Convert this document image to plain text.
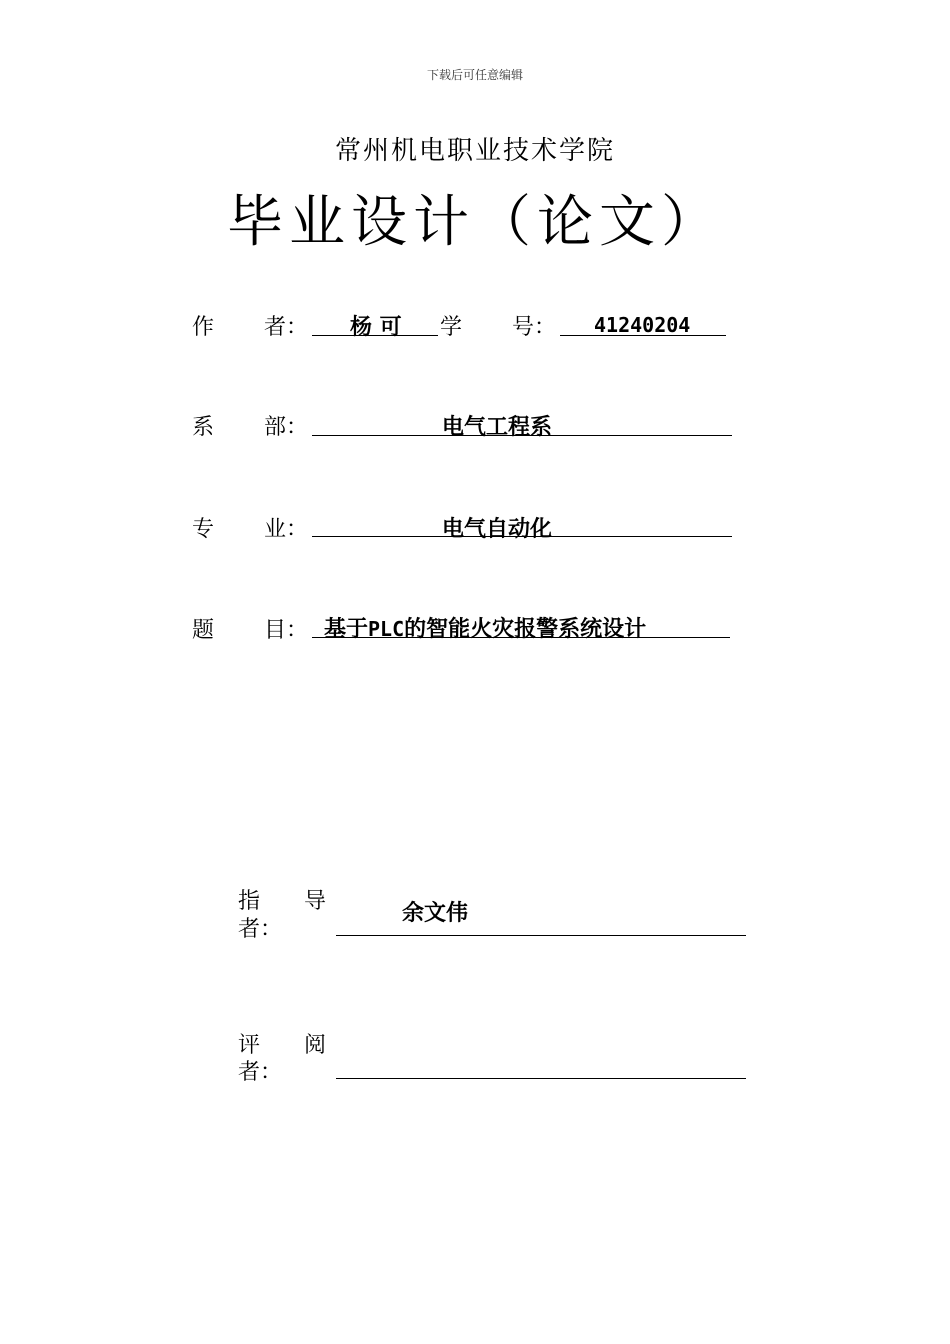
下载后可任意编辑
常州机电职业技术学院
毕业设计（论文）
作 者： 杨 可 学 号： 41240204
系 部：	电气工程系
专 业：	电气自动化
题 目： 基于PLC的智能火灾报警系统设计
指 导
者：
余文伟
评 阅
者：
